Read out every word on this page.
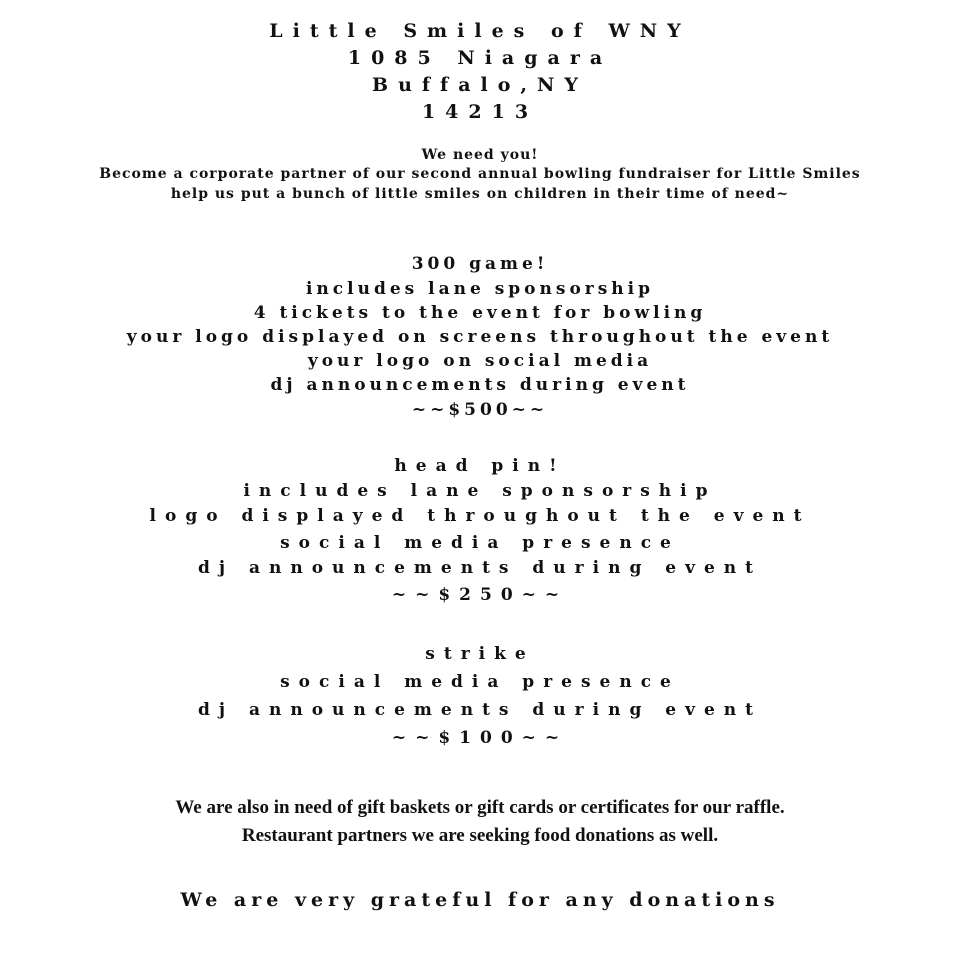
Little Smiles of WNY
1085 Niagara
Buffalo,NY
14213
We need you!
Become a corporate partner of our second annual bowling fundraiser for Little Smiles
help us put a bunch of little smiles on children in their time of need~
300 game!
includes lane sponsorship
4 tickets to the event for bowling
your logo displayed on screens throughout the event
your logo on social media
dj announcements during event
~~$500~~
head pin!
includes lane sponsorship
logo displayed throughout the event
social media presence
dj announcements during event
~~$250~~
strike
social media presence
dj announcements during event
~~$100~~
We are also in need of gift baskets or gift cards or certificates for our raffle.
Restaurant partners we are seeking food donations as well.
We are very grateful for any donations
